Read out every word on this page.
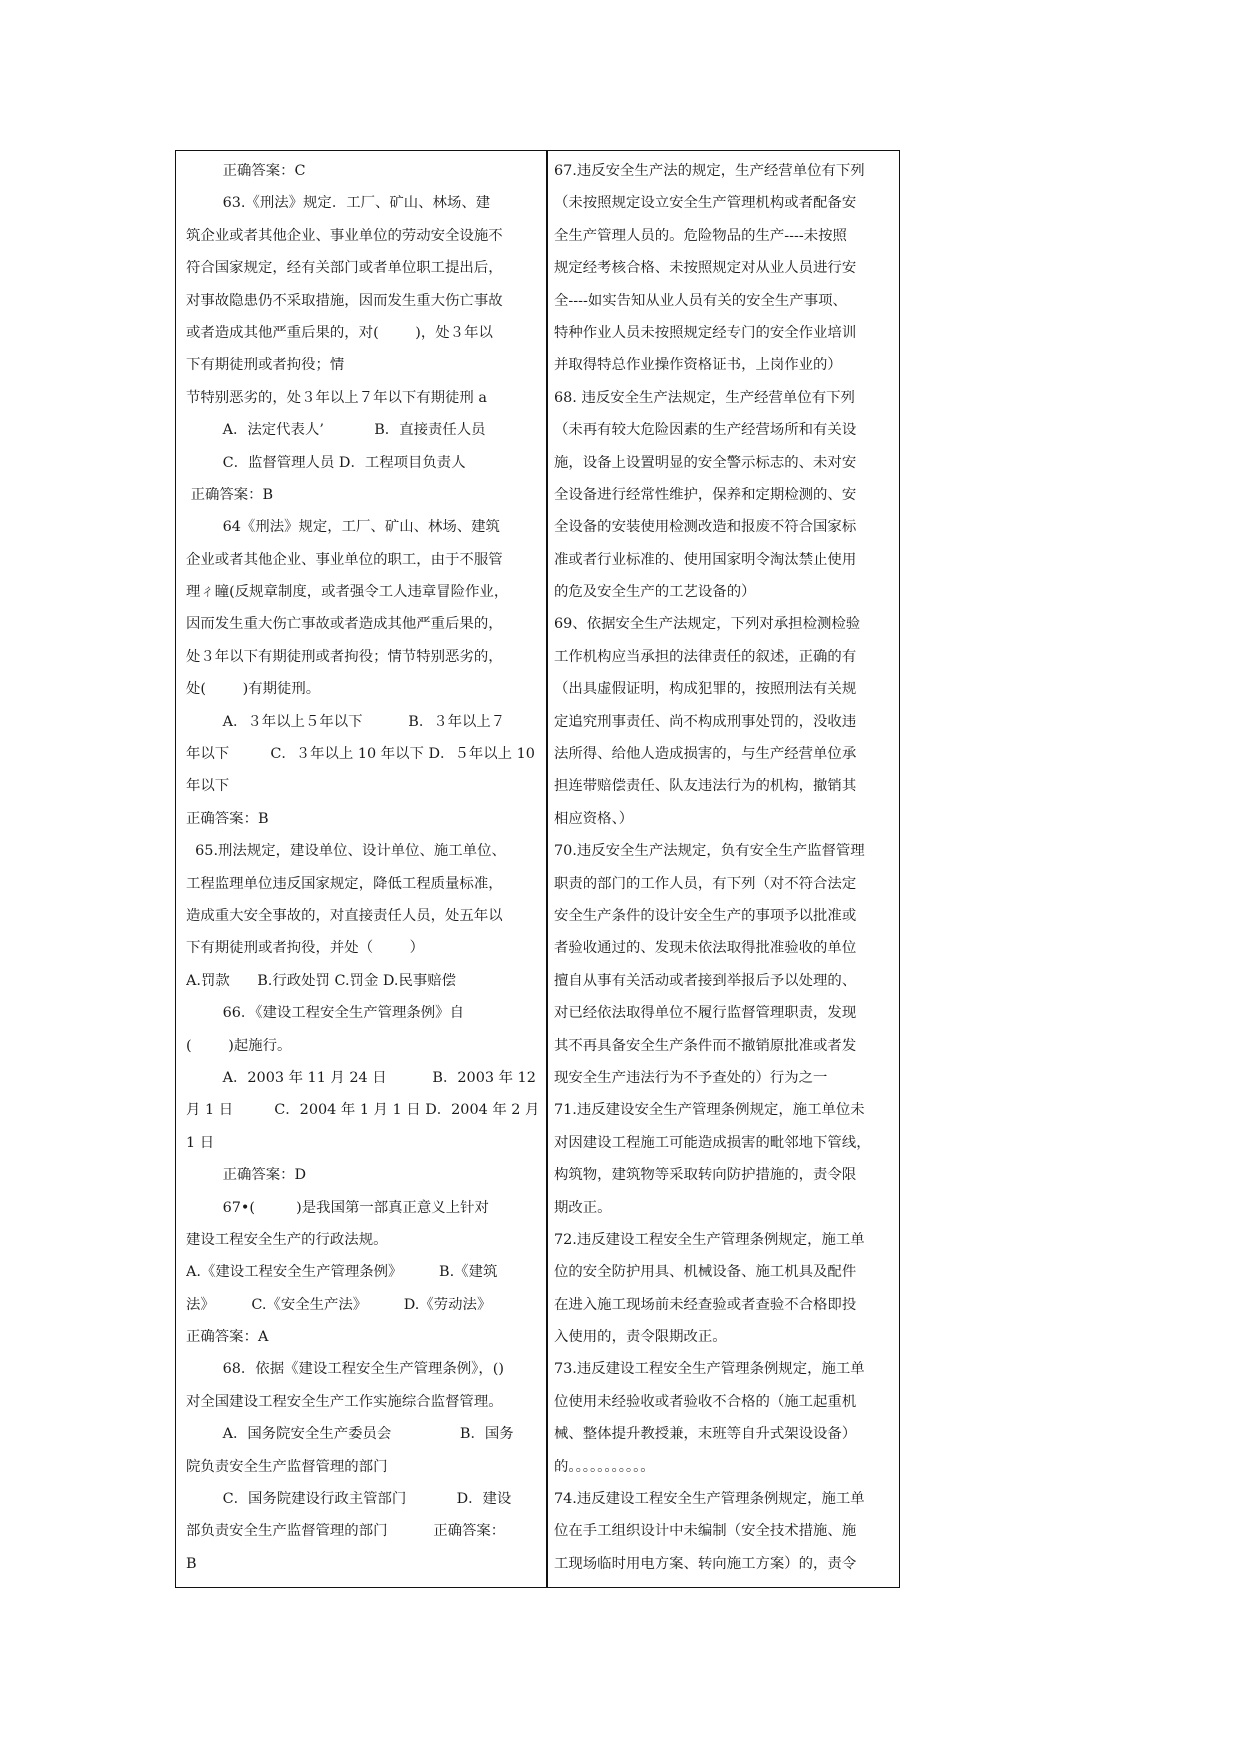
正确答案：C
63.《刑法》规定．工厂、矿山、林场、建
筑企业或者其他企业、事业单位的劳动安全设施不
符合国家规定，经有关部门或者单位职工提出后，
对事故隐患仍不采取措施，因而发生重大伤亡事故
或者造成其他严重后果的，对(        )，处３年以
下有期徒刑或者拘役；情
节特别恶劣的，处３年以上７年以下有期徒刑 a
A．法定代表人’           B．直接责任人员
C．监督管理人员 D．工程项目负责人
正确答案：B
64《刑法》规定，工厂、矿山、林场、建筑
企业或者其他企业、事业单位的职工，由于不服管
理ㄔ瞳(反规章制度，或者强令工人违章冒险作业，
因而发生重大伤亡事故或者造成其他严重后果的，
处３年以下有期徒刑或者拘役；情节特别恶劣的，
处(        )有期徒刑。
A．３年以上５年以下          B．３年以上７
年以下         C．３年以上 10 年以下 D．５年以上 10
年以下
正确答案：B
65.刑法规定，建设单位、设计单位、施工单位、
工程监理单位违反国家规定，降低工程质量标准，
造成重大安全事故的，对直接责任人员，处五年以
下有期徒刑或者拘役，并处（        ）
A.罚款      B.行政处罚 C.罚金 D.民事赔偿
66．《建设工程安全生产管理条例》自
(        )起施行。
A．2003 年 11 月 24 日          B．2003 年 12
月 1 日         C．2004 年 1 月 1 日 D．2004 年 2 月
1 日
正确答案：D
67•(         )是我国第一部真正意义上针对
建设工程安全生产的行政法规。
A.《建设工程安全生产管理条例》        B.《建筑
法》        C.《安全生产法》        D.《劳动法》
正确答案：A
68．依据《建设工程安全生产管理条例》，()
对全国建设工程安全生产工作实施综合监督管理。
A．国务院安全生产委员会               B．国务
院负责安全生产监督管理的部门
C．国务院建设行政主管部门           D．建设
部负责安全生产监督管理的部门          正确答案：
B
67.违反安全生产法的规定，生产经营单位有下列
（未按照规定设立安全生产管理机构或者配备安
全生产管理人员的。危险物品的生产----未按照
规定经考核合格、未按照规定对从业人员进行安
全----如实告知从业人员有关的安全生产事项、
特种作业人员未按照规定经专门的安全作业培训
并取得特总作业操作资格证书，上岗作业的）
68. 违反安全生产法规定，生产经营单位有下列
（未再有较大危险因素的生产经营场所和有关设
施，设备上设置明显的安全警示标志的、未对安
全设备进行经常性维护，保养和定期检测的、安
全设备的安装使用检测改造和报废不符合国家标
准或者行业标准的、使用国家明令淘汰禁止使用
的危及安全生产的工艺设备的）
69、依据安全生产法规定，下列对承担检测检验
工作机构应当承担的法律责任的叙述，正确的有
（出具虚假证明，构成犯罪的，按照刑法有关规
定追究刑事责任、尚不构成刑事处罚的，没收违
法所得、给他人造成损害的，与生产经营单位承
担连带赔偿责任、队友违法行为的机构，撤销其
相应资格、）
70.违反安全生产法规定，负有安全生产监督管理
职责的部门的工作人员，有下列（对不符合法定
安全生产条件的设计安全生产的事项予以批准或
者验收通过的、发现未依法取得批准验收的单位
擅自从事有关活动或者接到举报后予以处理的、
对已经依法取得单位不履行监督管理职责，发现
其不再具备安全生产条件而不撤销原批准或者发
现安全生产违法行为不予查处的）行为之一
71.违反建设安全生产管理条例规定，施工单位未
对因建设工程施工可能造成损害的毗邻地下管线，
构筑物，建筑物等采取转向防护措施的，责令限
期改正。
72.违反建设工程安全生产管理条例规定，施工单
位的安全防护用具、机械设备、施工机具及配件
在进入施工现场前未经查验或者查验不合格即投
入使用的，责令限期改正。
73.违反建设工程安全生产管理条例规定，施工单
位使用未经验收或者验收不合格的（施工起重机
械、整体提升教授兼，末班等自升式架设设备）
的。。。。。。。。。。。
74.违反建设工程安全生产管理条例规定，施工单
位在手工组织设计中未编制（安全技术措施、施
工现场临时用电方案、转向施工方案）的，责令
